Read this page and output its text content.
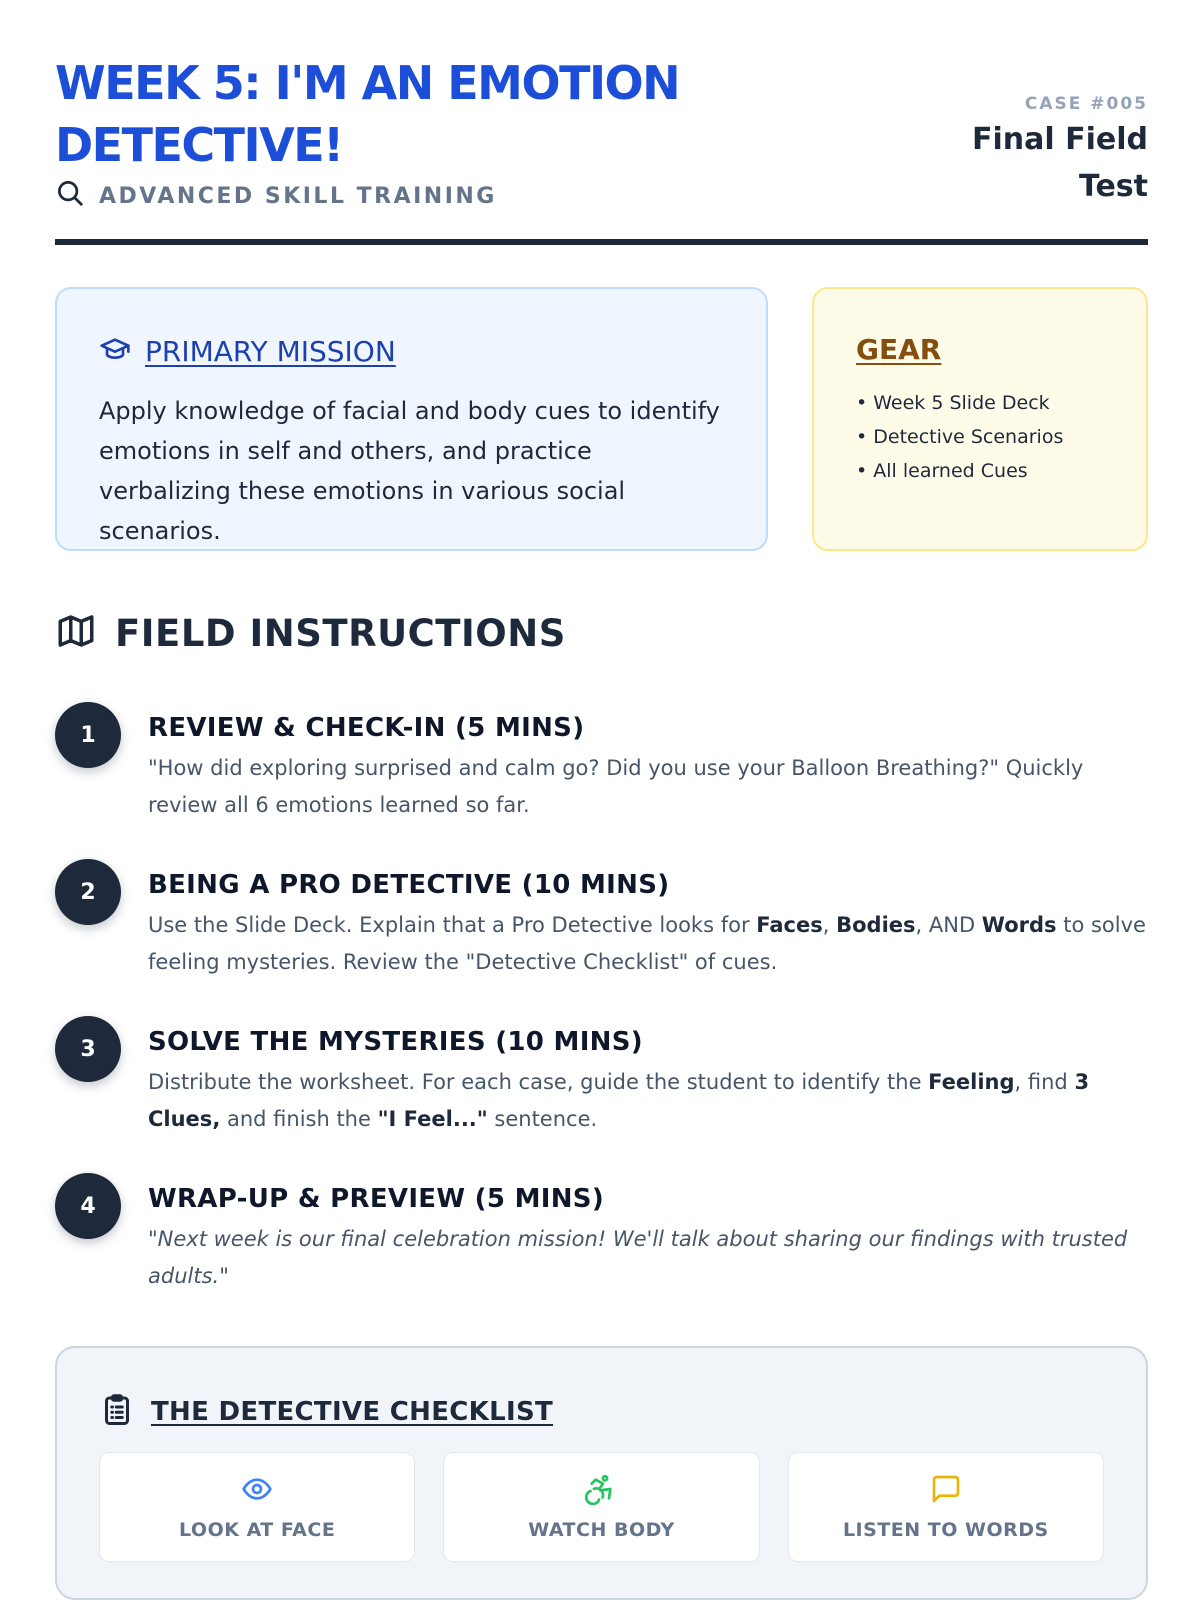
WEEK 5: I'M AN EMOTION DETECTIVE!
ADVANCED SKILL TRAINING
CASE #005
Final Field Test
PRIMARY MISSION

Apply knowledge of facial and body cues to identify emotions in self and others, and practice verbalizing these emotions in various social scenarios.

GEAR
• Week 5 Slide Deck
• Detective Scenarios
• All learned Cues
FIELD INSTRUCTIONS
1	REVIEW & CHECK-IN (5 MINS)

"How did exploring surprised and calm go? Did you use your Balloon Breathing?" Quickly review all 6 emotions learned so far.

2	BEING A PRO DETECTIVE (10 MINS)

Use the Slide Deck. Explain that a Pro Detective looks for Faces, Bodies, AND Words to solve feeling mysteries. Review the "Detective Checklist" of cues.

3	SOLVE THE MYSTERIES (10 MINS)

Distribute the worksheet. For each case, guide the student to identify the Feeling, find 3 Clues, and finish the "I Feel..." sentence.

4	WRAP-UP & PREVIEW (5 MINS)

"Next week is our final celebration mission! We'll talk about sharing our findings with trusted adults."

THE DETECTIVE CHECKLIST
LOOK AT FACE	WATCH BODY	LISTEN TO WORDS
